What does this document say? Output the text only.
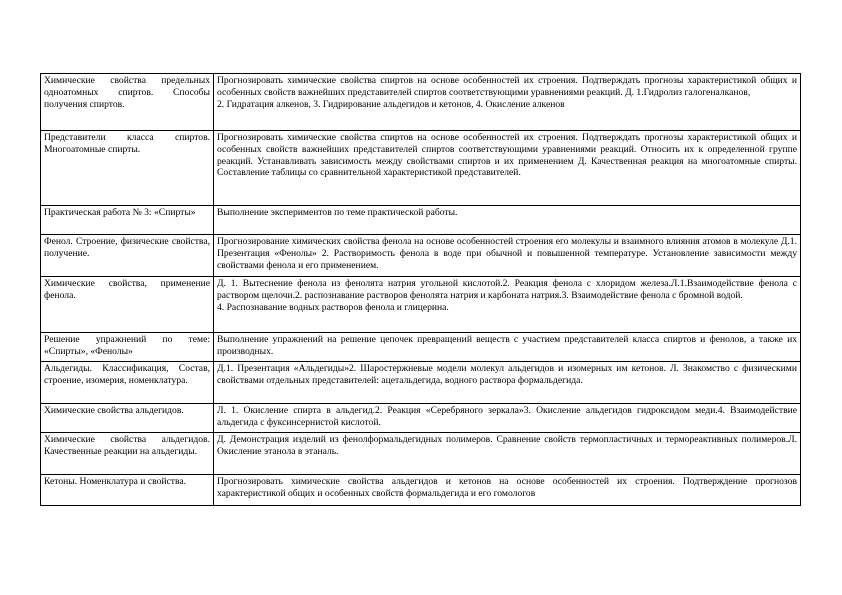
Химические свойства предельных одноатомных спиртов. Способы получения спиртов.	Прогнозировать химические свойства спиртов на основе особенностей их строения. Подтверждать прогнозы характеристикой общих и особенных свойств важнейших представителей спиртов соответствующими уравнениями реакций. Д. 1.Гидролиз галогеналканов,
2. Гидратация алкенов, 3. Гидрирование альдегидов и кетонов, 4. Окисление алкенов

Представители класса спиртов. Многоатомные спирты.	Прогнозировать химические свойства спиртов на основе особенностей их строения. Подтверждать прогнозы характеристикой общих и особенных свойств важнейших представителей спиртов соответствующими уравнениями реакций. Относить их к определенной группе реакций. Устанавливать зависимость между свойствами спиртов и их применением Д. Качественная реакция на многоатомные спирты. Составление таблицы со сравнительной характеристикой представителей.

Практическая работа № 3: «Спирты»	Выполнение экспериментов по теме практической работы.

Фенол. Строение, физические свойства, получение.	Прогнозирование химических свойства фенола на основе особенностей строения его молекулы и взаимного влияния атомов в молекуле Д.1. Презентация «Фенолы» 2. Растворимость фенола в воде при обычной и повышенной температуре. Установление зависимости между свойствами фенола и его применением.

Химические свойства, применение фенола.	Д. 1. Вытеснение фенола из фенолята натрия угольной кислотой.2. Реакция фенола с хлоридом железа.Л.1.Взаимодействие фенола с раствором щелочи.2. распознавание растворов фенолята натрия и карбоната натрия.3. Взаимодействие фенола с бромной водой.
4. Распознавание водных растворов фенола и глицерина.

Решение упражнений по теме: «Спирты», «Фенолы»	Выполнение упражнений на решение цепочек превращений веществ с участием представителей класса спиртов и фенолов, а также их производных.

Альдегиды. Классификация, Состав, строение, изомерия, номенклатура.	Д.1. Презентация «Альдегиды»2. Шаростержневые модели молекул альдегидов и изомерных им кетонов. Л. Знакомство с физическими свойствами отдельных представителей: ацетальдегида, водного раствора формальдегида.

Химические свойства альдегидов.	Л. 1. Окисление спирта в альдегид.2. Реакция «Серебряного зеркала»3. Окисление альдегидов гидроксидом меди.4. Взаимодействие альдегида с фуксинсернистой кислотой.

Химические свойства альдегидов. Качественные реакции на альдегиды.	Д. Демонстрация изделий из фенолформальдегидных полимеров. Сравнение свойств термопластичных и термореактивных полимеров.Л. Окисление этанола в этаналь.

Кетоны. Номенклатура и свойства.	Прогнозировать химические свойства альдегидов и кетонов на основе особенностей их строения. Подтверждение прогнозов характеристикой общих и особенных свойств формальдегида и его гомологов
